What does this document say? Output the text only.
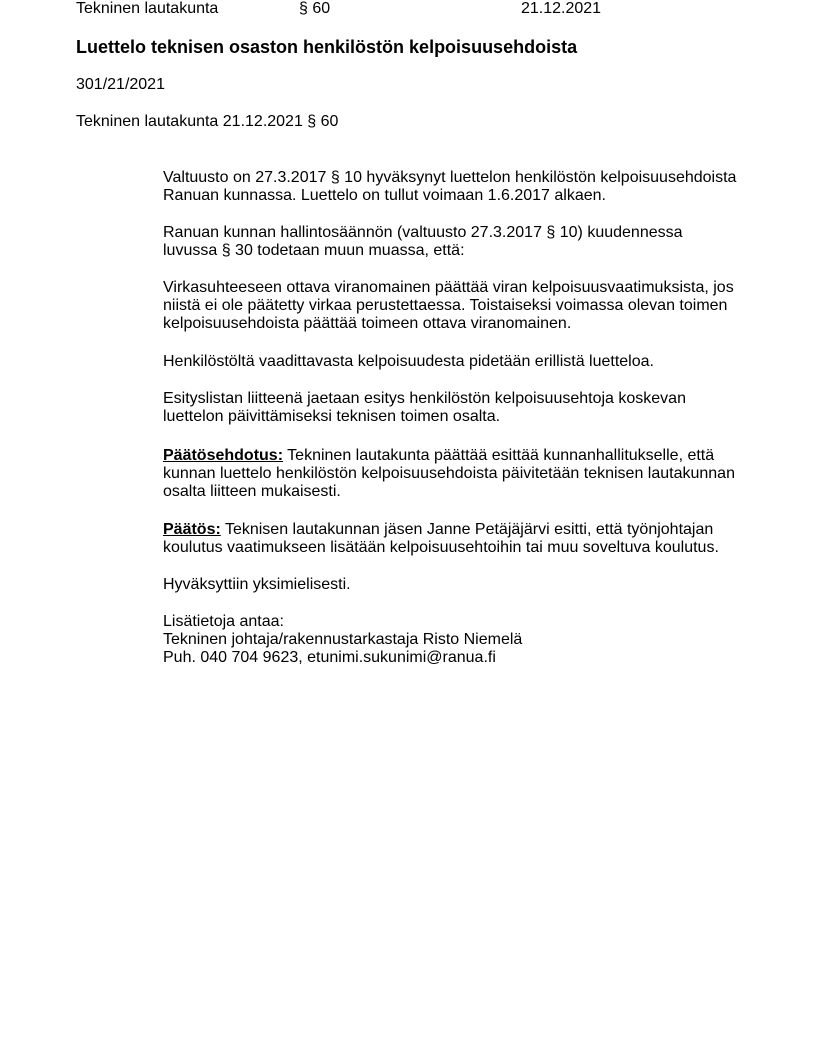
Tekninen lautakunta	§ 60	21.12.2021
Luettelo teknisen osaston henkilöstön kelpoisuusehdoista
301/21/2021
Tekninen lautakunta 21.12.2021 § 60
Valtuusto on 27.3.2017 § 10 hyväksynyt luettelon henkilöstön kelpoisuusehdoista
Ranuan kunnassa. Luettelo on tullut voimaan 1.6.2017 alkaen.
Ranuan kunnan hallintosäännön (valtuusto 27.3.2017 § 10) kuudennessa
luvussa § 30 todetaan muun muassa, että:
Virkasuhteeseen ottava viranomainen päättää viran kelpoisuusvaatimuksista, jos
niistä ei ole päätetty virkaa perustettaessa. Toistaiseksi voimassa olevan toimen
kelpoisuusehdoista päättää toimeen ottava viranomainen.
Henkilöstöltä vaadittavasta kelpoisuudesta pidetään erillistä luetteloa.
Esityslistan liitteenä jaetaan esitys henkilöstön kelpoisuusehtoja koskevan
luettelon päivittämiseksi teknisen toimen osalta.
Päätösehdotus: Tekninen lautakunta päättää esittää kunnanhallitukselle, että
kunnan luettelo henkilöstön kelpoisuusehdoista päivitetään teknisen lautakunnan
osalta liitteen mukaisesti.
Päätös: Teknisen lautakunnan jäsen Janne Petäjäjärvi esitti, että työnjohtajan
koulutus vaatimukseen lisätään kelpoisuusehtoihin tai muu soveltuva koulutus.
Hyväksyttiin yksimielisesti.
Lisätietoja antaa:
Tekninen johtaja/rakennustarkastaja Risto Niemelä
Puh. 040 704 9623, etunimi.sukunimi@ranua.fi
